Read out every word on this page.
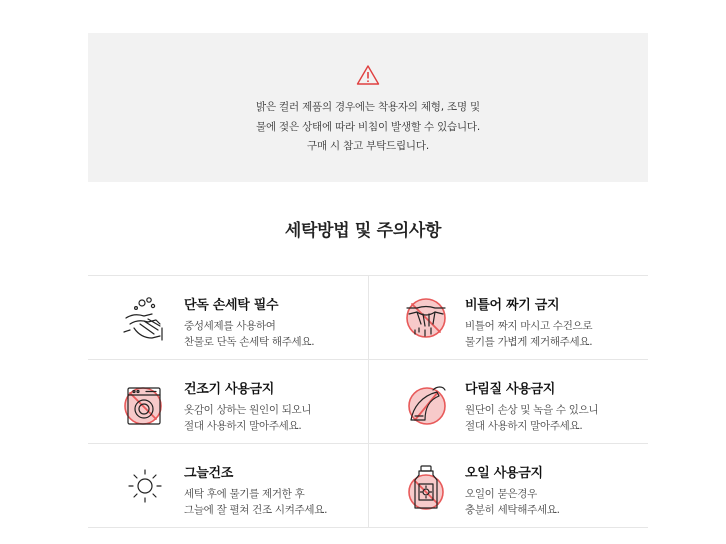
밝은 컬러 제품의 경우에는 착용자의 체형, 조명 및
물에 젖은 상태에 따라 비침이 발생할 수 있습니다.
구매 시 참고 부탁드립니다.
세탁방법 및 주의사항
단독 손세탁 필수
중성세제를 사용하여
찬물로 단독 손세탁 해주세요.
비틀어 짜기 금지
비틀어 짜지 마시고 수건으로
물기를 가볍게 제거해주세요.
건조기 사용금지
옷감이 상하는 원인이 되오니
절대 사용하지 말아주세요.
다림질 사용금지
원단이 손상 및 녹을 수 있으니
절대 사용하지 말아주세요.
그늘건조
세탁 후에 물기를 제거한 후
그늘에 잘 펼쳐 건조 시켜주세요.
오일 사용금지
오일이 묻은경우
충분히 세탁해주세요.
